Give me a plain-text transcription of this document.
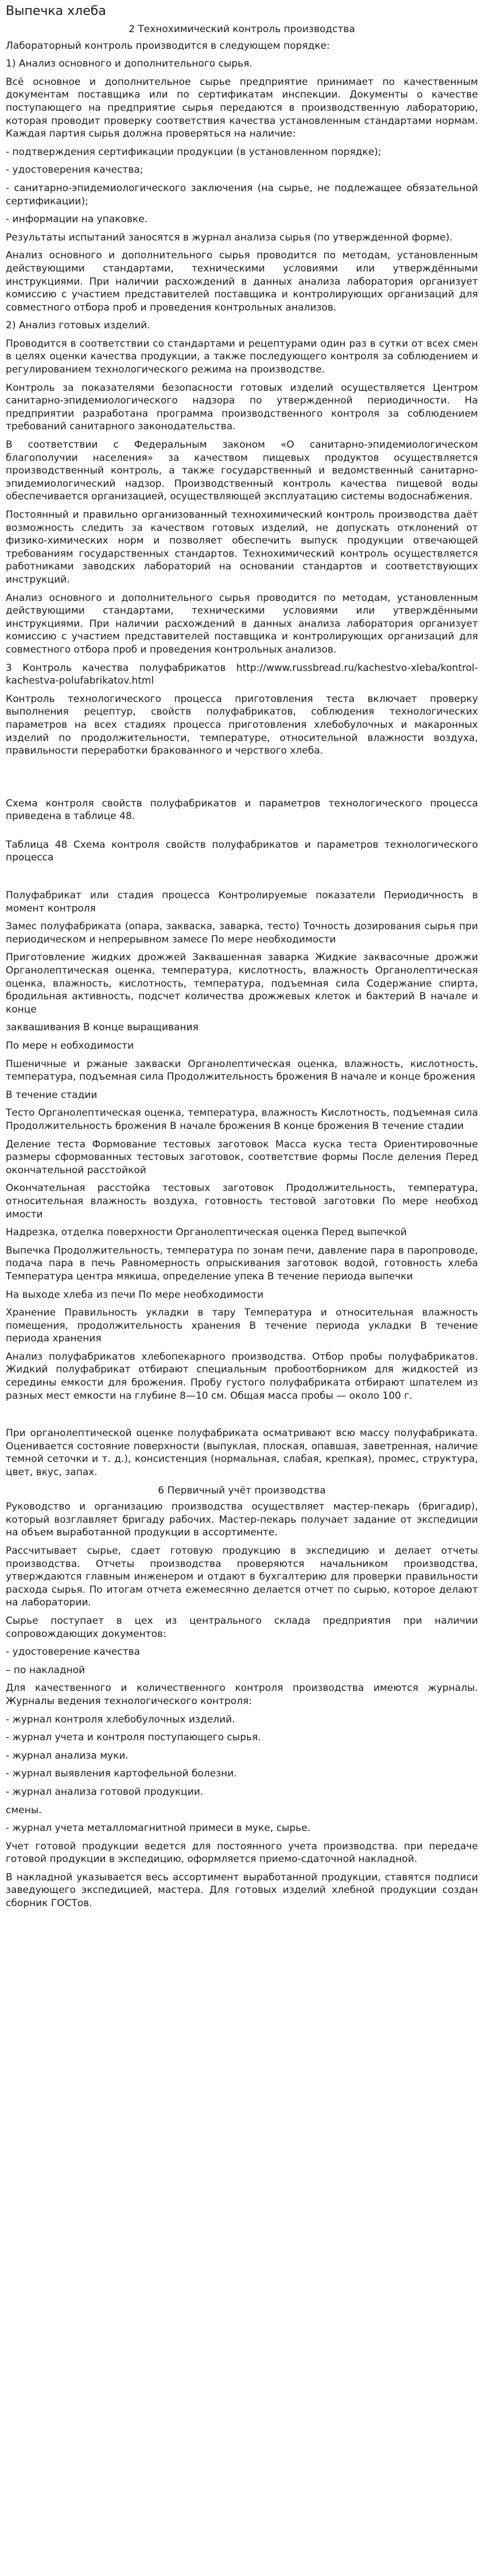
Выпечка хлеба
2 Технохимический контроль производства

Лабораторный контроль производится в следующем порядке:

1) Анализ основного и дополнительного сырья.

Всё основное и дополнительное сырье предприятие принимает по качественным документам поставщика или по сертификатам инспекции. Документы о качестве поступающего на предприятие сырья передаются в производственную лабораторию, которая проводит проверку соответствия качества установленным стандартами нормам. Каждая партия сырья должна проверяться на наличие:

- подтверждения сертификации продукции (в установленном порядке);

- удостоверения качества;

- санитарно-эпидемиологического заключения (на сырье, не подлежащее обязательной сертификации);

- информации на упаковке.

Результаты испытаний заносятся в журнал анализа сырья (по утвержденной форме).

Анализ основного и дополнительного сырья проводится по методам, установленным действующими стандартами, техническими условиями или утверждёнными инструкциями. При наличии расхождений в данных анализа лаборатория организует комиссию с участием представителей поставщика и контролирующих организаций для совместного отбора проб и проведения контрольных анализов.

2) Анализ готовых изделий.

Проводится в соответствии со стандартами и рецептурами один раз в сутки от всех смен в целях оценки качества продукции, а также последующего контроля за соблюдением и регулированием технологического режима на производстве.

Контроль за показателями безопасности готовых изделий осуществляется Центром санитарно-эпидемиологического надзора по утвержденной периодичности. На предприятии разработана программа производственного контроля за соблюдением требований санитарного законодательства.

В соответствии с Федеральным законом «О санитарно-эпидемиологическом благополучии населения» за качеством пищевых продуктов осуществляется производственный контроль, а также государственный и ведомственный санитарно-эпидемиологический надзор. Производственный контроль качества пищевой воды обеспечивается организацией, осуществляющей эксплуатацию системы водоснабжения.

Постоянный и правильно организованный технохимический контроль производства даёт возможность следить за качеством готовых изделий, не допускать отклонений от физико-химических норм и позволяет обеспечить выпуск продукции отвечающей требованиям государственных стандартов. Технохимический контроль осуществляется работниками заводских лабораторий на основании стандартов и соответствующих инструкций.

Анализ основного и дополнительного сырья проводится по методам, установленным действующими стандартами, техническими условиями или утверждёнными инструкциями. При наличии расхождений в данных анализа лаборатория организует комиссию с участием представителей поставщика и контролирующих организаций для совместного отбора проб и проведения контрольных анализов.

3 Контроль качества полуфабрикатов http://www.russbread.ru/kachestvo-xleba/kontrol-kachestva-polufabrikatov.html

Контроль технологического процесса приготовления теста включает проверку выполнения рецептур, свойств полуфабрикатов, соблюдения технологических параметров на всех стадиях процесса приготовления хлебобулочных и макаронных изделий по продолжительности, температуре, относительной влажности воздуха, правильности переработки бракованного и черствого хлеба.

Схема контроля свойств полуфабрикатов и параметров технологического процесса приведена в таблице 48.

Таблица 48 Схема контроля свойств полуфабрикатов и параметров технологического процесса

Полуфабрикат или стадия процесса Контролируемые показатели Периодичность в момент контроля

Замес полуфабриката (опара, закваска, заварка, тесто) Точность дозирования сырья при периодическом и непрерывном замесе По мере необходимости

Приготовление жидких дрожжей Заквашенная заварка Жидкие заквасочные дрожжи Органолептическая оценка, температура, кислотность, влажность Органолептическая оценка, влажность, кислотность, температура, подъемная сила Содержание спирта, бродильная активность, подсчет количества дрожжевых клеток и бактерий В начале и конце

заквашивания В конце выращивания

По мере н еобходимости

Пшеничные и ржаные закваски Органолептическая оценка, влажность, кислотность, температура, подъемная сила Продолжительность брожения В начале и конце брожения

В течение стадии

Тесто Органолептическая оценка, температура, влажность Кислотность, подъемная сила Продолжительность брожения В начале брожения В конце брожения В течение стадии

Деление теста Формование тестовых заготовок Масса куска теста Ориентировочные размеры сформованных тестовых заготовок, соответствие формы После деления Перед окончательной расстойкой

Окончательная расстойка тестовых заготовок Продолжительность, температура, относительная влажность воздуха, готовность тестовой заготовки По мере необход имости

Надрезка, отделка поверхности Органолептическая оценка Перед выпечкой

Выпечка Продолжительность, температура по зонам печи, давление пара в паропроводе, подача пара в печь Равномерность опрыскивания заготовок водой, готовность хлеба Температура центра мякиша, определение упека В течение периода выпечки

На выходе хлеба из печи По мере необходимости

Хранение Правильность укладки в тару Температура и относительная влажность помещения, продолжительность хранения В течение периода укладки В течение периода хранения

Анализ полуфабрикатов хлебопекарного производства. Отбор пробы полуфабрикатов. Жидкий полуфабрикат отбирают специальным пробоотборником для жидкостей из середины емкости для брожения. Пробу густого полуфабриката отбирают шпателем из разных мест емкости на глубине 8—10 см. Общая масса пробы — около 100 г.

При органолептической оценке полуфабриката осматривают всю массу полуфабриката. Оценивается состояние поверхности (выпуклая, плоская, опавшая, заветренная, наличие темной сеточки и т. д.), консистенция (нормальная, слабая, крепкая), промес, структура, цвет, вкус, запах.

6 Первичный учёт производства

Руководство и организацию производства осуществляет мастер-пекарь (бригадир), который возглавляет бригаду рабочих. Мастер-пекарь получает задание от экспедиции на объем выработанной продукции в ассортименте.

Рассчитывает сырье, сдает готовую продукцию в экспедицию и делает отчеты производства. Отчеты производства проверяются начальником производства, утверждаются главным инженером и отдают в бухгалтерию для проверки правильности расхода сырья. По итогам отчета ежемесячно делается отчет по сырью, которое делают на лаборатории.

Сырье поступает в цех из центрального склада предприятия при наличии сопровождающих документов:

- удостоверение качества

– по накладной

Для качественного и количественного контроля производства имеются журналы. Журналы ведения технологического контроля:

- журнал контроля хлебобулочных изделий.

- журнал учета и контроля поступающего сырья.

- журнал анализа муки.

- журнал выявления картофельной болезни.

- журнал анализа готовой продукции.

смены.

- журнал учета металломагнитной примеси в муке, сырье.

Учет готовой продукции ведется для постоянного учета производства. при передаче готовой продукции в экспедицию, оформляется приемо-сдаточной накладной.

В накладной указывается весь ассортимент выработанной продукции, ставятся подписи заведующего экспедицией, мастера. Для готовых изделий хлебной продукции создан сборник ГОСТов.
